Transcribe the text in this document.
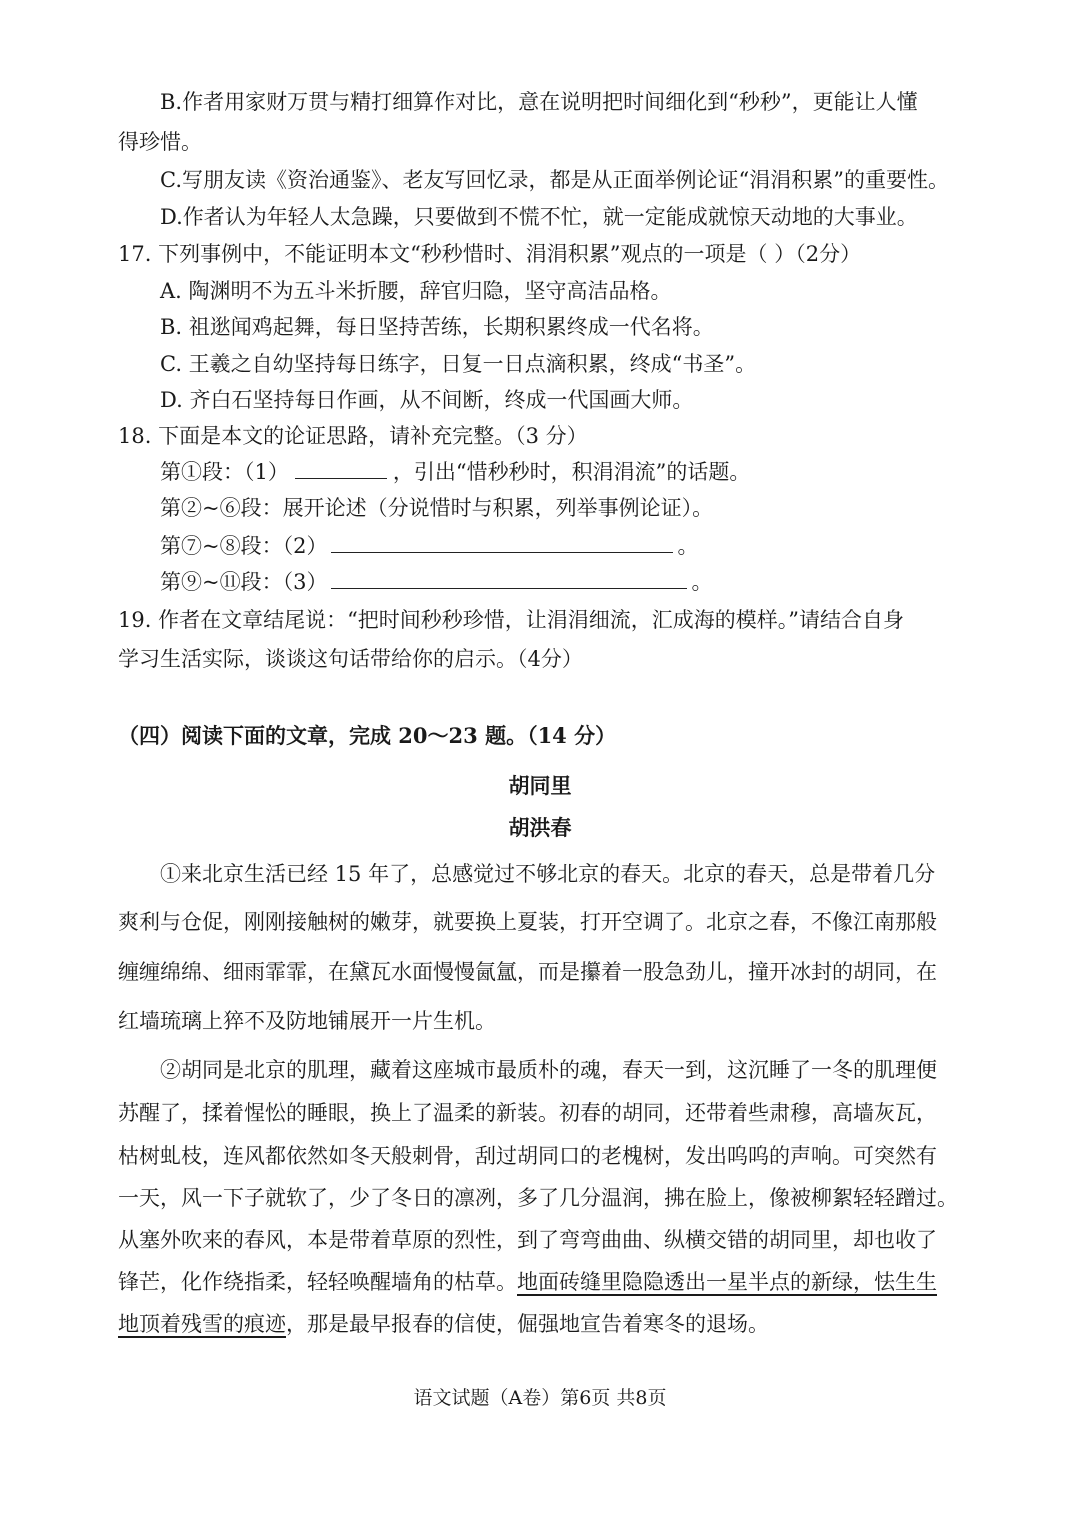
B.作者用家财万贯与精打细算作对比，意在说明把时间细化到“秒秒”，更能让人懂
得珍惜。
C.写朋友读《资治通鉴》、老友写回忆录，都是从正面举例论证“涓涓积累”的重要性。
D.作者认为年轻人太急躁，只要做到不慌不忙，就一定能成就惊天动地的大事业。
17. 下列事例中，不能证明本文“秒秒惜时、涓涓积累”观点的一项是（ ）（2分）
A. 陶渊明不为五斗米折腰，辞官归隐，坚守高洁品格。
B. 祖逖闻鸡起舞，每日坚持苦练，长期积累终成一代名将。
C. 王羲之自幼坚持每日练字，日复一日点滴积累，终成“书圣”。
D. 齐白石坚持每日作画，从不间断，终成一代国画大师。
18. 下面是本文的论证思路，请补充完整。（3 分）
第①段：（1）	，引出“惜秒秒时，积涓涓流”的话题。
第②~⑥段：展开论述（分说惜时与积累，列举事例论证）。
第⑦~⑧段：（2）	。
第⑨~⑪段：（3）	。
19. 作者在文章结尾说：“把时间秒秒珍惜，让涓涓细流，汇成海的模样。”请结合自身
学习生活实际，谈谈这句话带给你的启示。（4分）
（四）阅读下面的文章，完成 20～23 题。（14 分）
胡同里
胡洪春
①来北京生活已经 15 年了，总感觉过不够北京的春天。北京的春天，总是带着几分
爽利与仓促，刚刚接触树的嫩芽，就要换上夏装，打开空调了。北京之春，不像江南那般
缠缠绵绵、细雨霏霏，在黛瓦水面慢慢氤氲，而是攥着一股急劲儿，撞开冰封的胡同，在
红墙琉璃上猝不及防地铺展开一片生机。
②胡同是北京的肌理，藏着这座城市最质朴的魂，春天一到，这沉睡了一冬的肌理便
苏醒了，揉着惺忪的睡眼，换上了温柔的新装。初春的胡同，还带着些肃穆，高墙灰瓦，
枯树虬枝，连风都依然如冬天般刺骨，刮过胡同口的老槐树，发出呜呜的声响。可突然有
一天，风一下子就软了，少了冬日的凛冽，多了几分温润，拂在脸上，像被柳絮轻轻蹭过。
从塞外吹来的春风，本是带着草原的烈性，到了弯弯曲曲、纵横交错的胡同里，却也收了
锋芒，化作绕指柔，轻轻唤醒墙角的枯草。地面砖缝里隐隐透出一星半点的新绿，怯生生
地顶着残雪的痕迹，那是最早报春的信使，倔强地宣告着寒冬的退场。
语文试题（A卷）第6页 共8页
